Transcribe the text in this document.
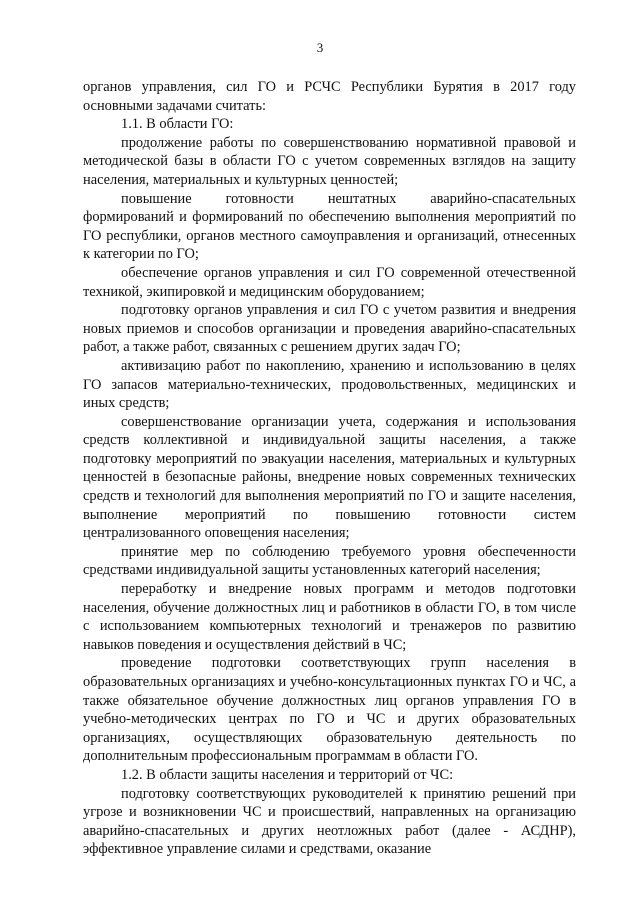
3

органов управления, сил ГО и РСЧС Республики Бурятия в 2017 году основными задачами считать:

1.1. В области ГО:

продолжение работы по совершенствованию нормативной правовой и методической базы в области ГО с учетом современных взглядов на защиту населения, материальных и культурных ценностей;

повышение готовности нештатных аварийно-спасательных формирований и формирований по обеспечению выполнения мероприятий по ГО республики, органов местного самоуправления и организаций, отнесенных к категории по ГО;

обеспечение органов управления и сил ГО современной отечественной техникой, экипировкой и медицинским оборудованием;

подготовку органов управления и сил ГО с учетом развития и внедрения новых приемов и способов организации и проведения аварийно-спасательных работ, а также работ, связанных с решением других задач ГО;

активизацию работ по накоплению, хранению и использованию в целях ГО запасов материально-технических, продовольственных, медицинских и иных средств;

совершенствование организации учета, содержания и использования средств коллективной и индивидуальной защиты населения, а также подготовку мероприятий по эвакуации населения, материальных и культурных ценностей в безопасные районы, внедрение новых современных технических средств и технологий для выполнения мероприятий по ГО и защите населения, выполнение мероприятий по повышению готовности систем централизованного оповещения населения;

принятие мер по соблюдению требуемого уровня обеспеченности средствами индивидуальной защиты установленных категорий населения;

переработку и внедрение новых программ и методов подготовки населения, обучение должностных лиц и работников в области ГО, в том числе с использованием компьютерных технологий и тренажеров по развитию навыков поведения и осуществления действий в ЧС;

проведение подготовки соответствующих групп населения в образовательных организациях и учебно-консультационных пунктах ГО и ЧС, а также обязательное обучение должностных лиц органов управления ГО в учебно-методических центрах по ГО и ЧС и других образовательных организациях, осуществляющих образовательную деятельность по дополнительным профессиональным программам в области ГО.

1.2. В области защиты населения и территорий от ЧС:

подготовку соответствующих руководителей к принятию решений при угрозе и возникновении ЧС и происшествий, направленных на организацию аварийно-спасательных и других неотложных работ (далее - АСДНР), эффективное управление силами и средствами, оказание
